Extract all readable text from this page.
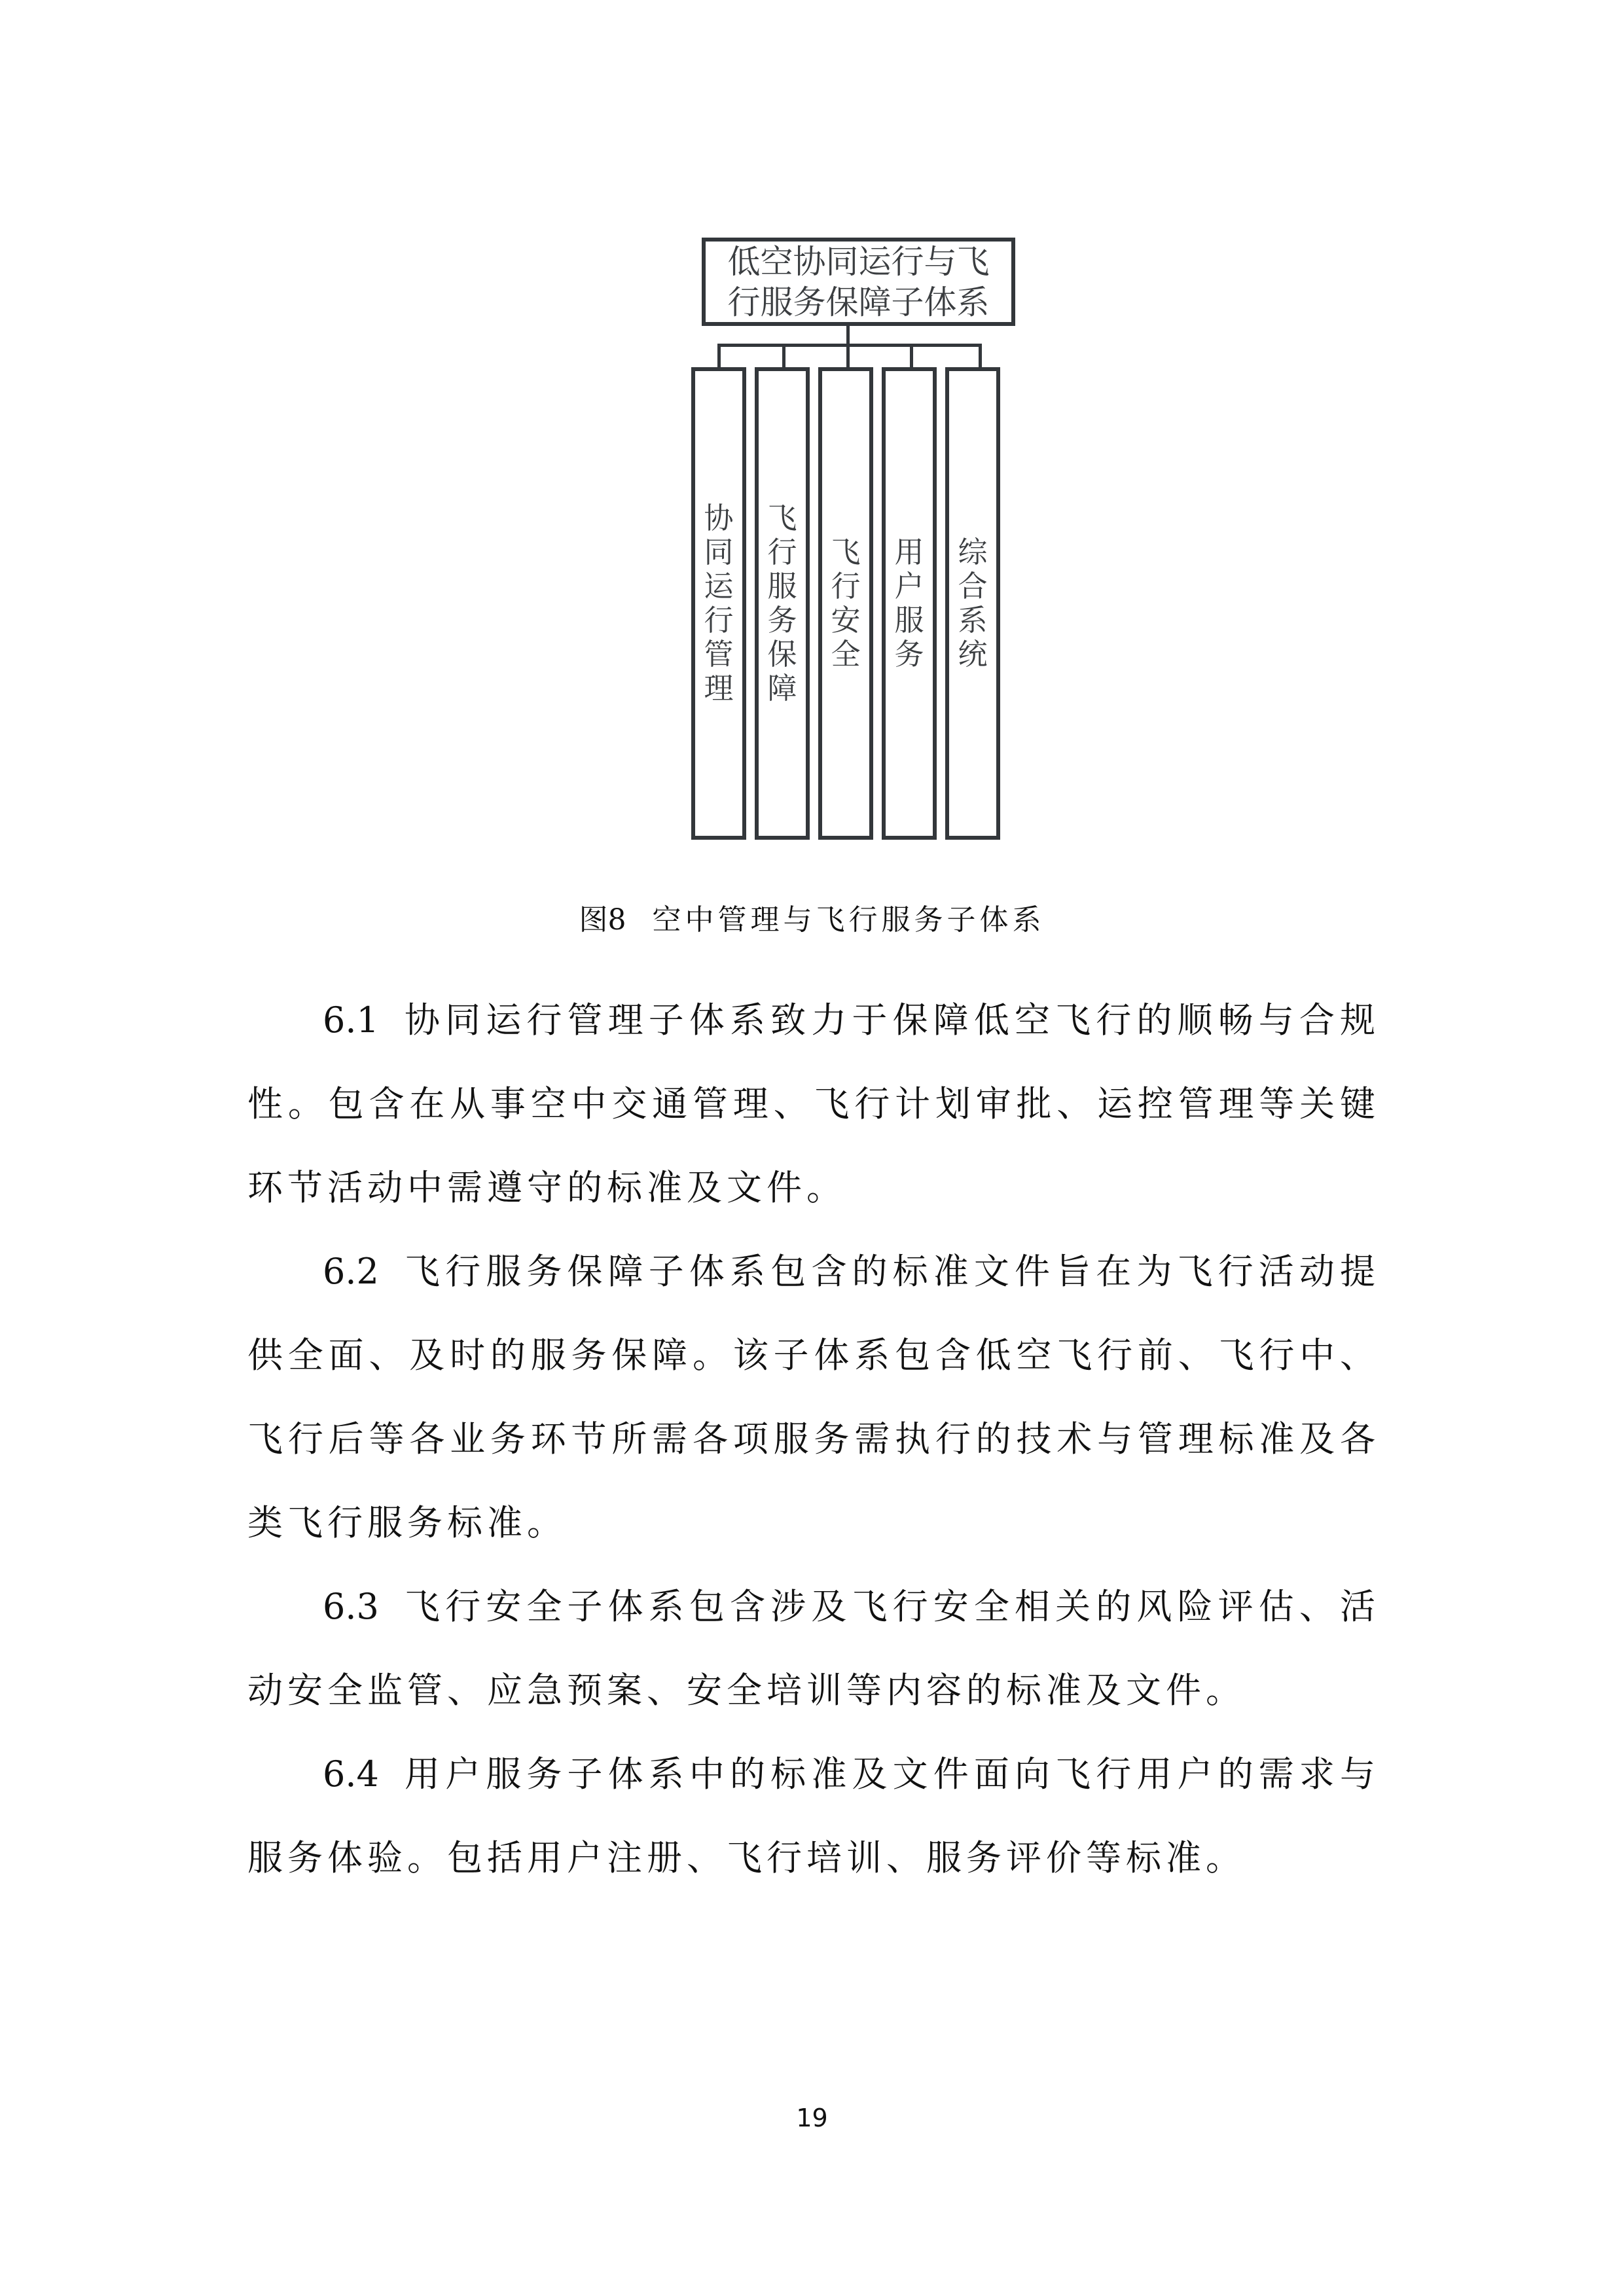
低空协同运行与飞行服务保障子体系
协同运行管理
飞行服务保障
飞行安全
用户服务
综合系统
图8 空中管理与飞行服务子体系

6.1 协同运行管理子体系致力于保障低空飞行的顺畅与合规性。包含在从事空中交通管理、飞行计划审批、运控管理等关键环节活动中需遵守的标准及文件。

6.2 飞行服务保障子体系包含的标准文件旨在为飞行活动提供全面、及时的服务保障。该子体系包含低空飞行前、飞行中、飞行后等各业务环节所需各项服务需执行的技术与管理标准及各类飞行服务标准。

6.3 飞行安全子体系包含涉及飞行安全相关的风险评估、活动安全监管、应急预案、安全培训等内容的标准及文件。

6.4 用户服务子体系中的标准及文件面向飞行用户的需求与服务体验。包括用户注册、飞行培训、服务评价等标准。

19
